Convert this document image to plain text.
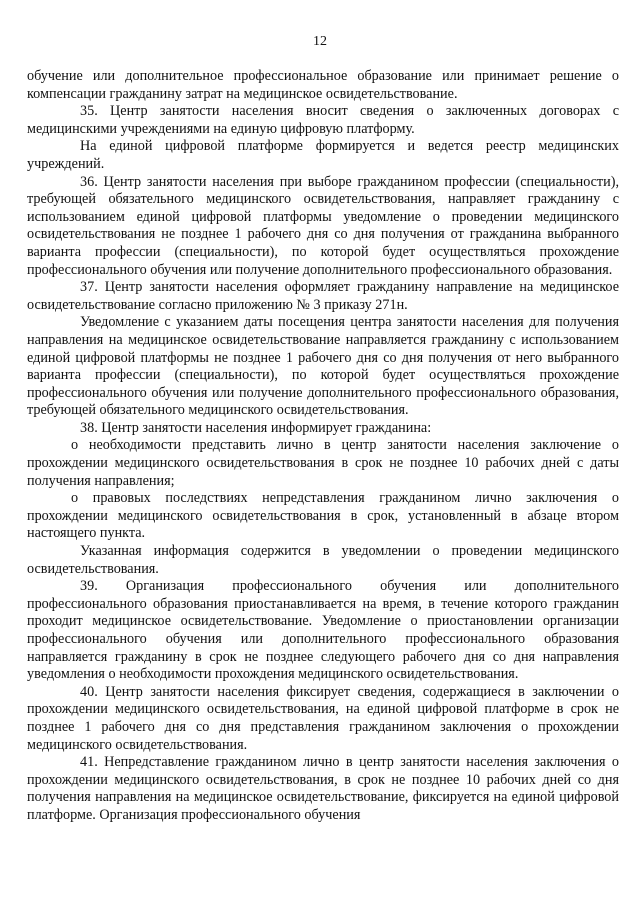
12

обучение или дополнительное профессиональное образование или принимает решение о компенсации гражданину затрат на медицинское освидетельствование.

35. Центр занятости населения вносит сведения о заключенных договорах с медицинскими учреждениями на единую цифровую платформу.

На единой цифровой платформе формируется и ведется реестр медицинских учреждений.

36. Центр занятости населения при выборе гражданином профессии (специальности), требующей обязательного медицинского освидетельствования, направляет гражданину с использованием единой цифровой платформы уведомление о проведении медицинского освидетельствования не позднее 1 рабочего дня со дня получения от гражданина выбранного варианта профессии (специальности), по которой будет осуществляться прохождение профессионального обучения или получение дополнительного профессионального образования.

37. Центр занятости населения оформляет гражданину направление на медицинское освидетельствование согласно приложению № 3 приказу 271н.

Уведомление с указанием даты посещения центра занятости населения для получения направления на медицинское освидетельствование направляется гражданину с использованием единой цифровой платформы не позднее 1 рабочего дня со дня получения от него выбранного варианта профессии (специальности), по которой будет осуществляться прохождение профессионального обучения или получение дополнительного профессионального образования, требующей обязательного медицинского освидетельствования.

38. Центр занятости населения информирует гражданина:

о необходимости представить лично в центр занятости населения заключение о прохождении медицинского освидетельствования в срок не позднее 10 рабочих дней с даты получения направления;

о правовых последствиях непредставления гражданином лично заключения о прохождении медицинского освидетельствования в срок, установленный в абзаце втором настоящего пункта.

Указанная информация содержится в уведомлении о проведении медицинского освидетельствования.

39. Организация профессионального обучения или дополнительного профессионального образования приостанавливается на время, в течение которого гражданин проходит медицинское освидетельствование. Уведомление о приостановлении организации профессионального обучения или дополнительного профессионального образования направляется гражданину в срок не позднее следующего рабочего дня со дня направления уведомления о необходимости прохождения медицинского освидетельствования.

40. Центр занятости населения фиксирует сведения, содержащиеся в заключении о прохождении медицинского освидетельствования, на единой цифровой платформе в срок не позднее 1 рабочего дня со дня представления гражданином заключения о прохождении медицинского освидетельствования.

41. Непредставление гражданином лично в центр занятости населения заключения о прохождении медицинского освидетельствования, в срок не позднее 10 рабочих дней со дня получения направления на медицинское освидетельствование, фиксируется на единой цифровой платформе. Организация профессионального обучения
